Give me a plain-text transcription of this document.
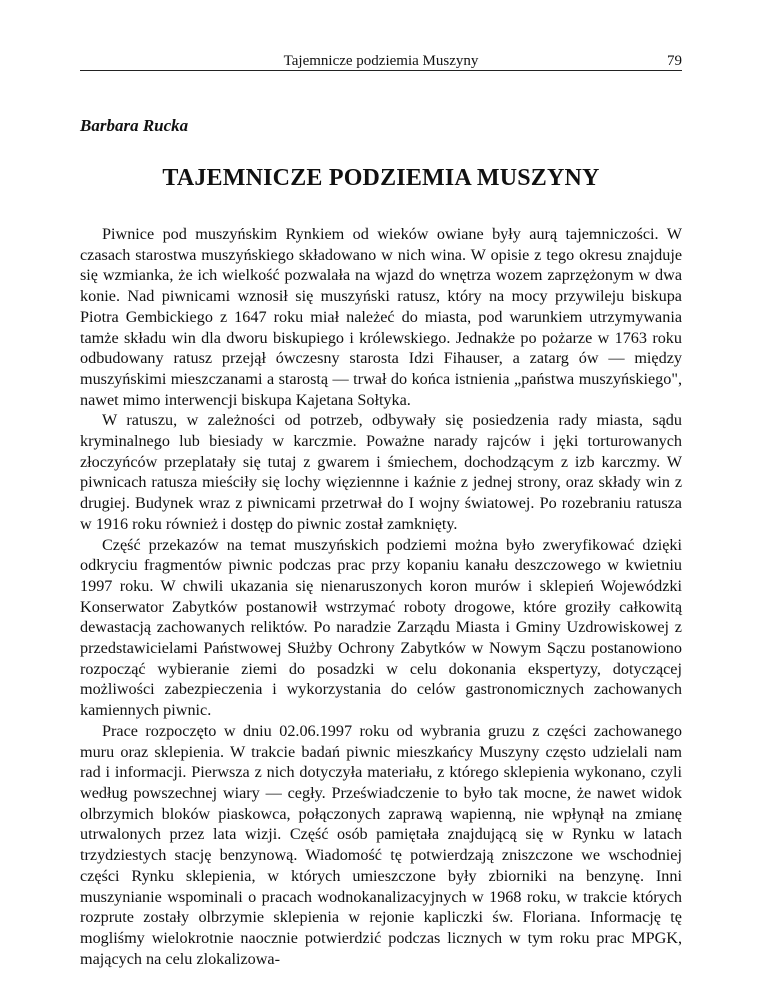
Tajemnicze podziemia Muszyny	79
Barbara Rucka
TAJEMNICZE PODZIEMIA MUSZYNY

Piwnice pod muszyńskim Rynkiem od wieków owiane były aurą tajemniczości. W czasach starostwa muszyńskiego składowano w nich wina. W opisie z tego okresu znajduje się wzmianka, że ich wielkość pozwalała na wjazd do wnętrza wozem zaprzężonym w dwa konie. Nad piwnicami wznosił się muszyński ratusz, który na mocy przywileju biskupa Piotra Gembickiego z 1647 roku miał należeć do miasta, pod warunkiem utrzymywania tamże składu win dla dworu biskupiego i królewskiego. Jednakże po pożarze w 1763 roku odbudowany ratusz przejął ówczesny starosta Idzi Fihauser, a zatarg ów — między muszyńskimi mieszczanami a starostą — trwał do końca istnienia „państwa muszyńskiego", nawet mimo interwencji biskupa Kajetana Sołtyka.

W ratuszu, w zależności od potrzeb, odbywały się posiedzenia rady miasta, sądu kryminalnego lub biesiady w karczmie. Poważne narady rajców i jęki torturowanych złoczyńców przeplatały się tutaj z gwarem i śmiechem, dochodzącym z izb karczmy. W piwnicach ratusza mieściły się lochy więziennne i kaźnie z jednej strony, oraz składy win z drugiej. Budynek wraz z piwnicami przetrwał do I wojny światowej. Po rozebraniu ratusza w 1916 roku również i dostęp do piwnic został zamknięty.

Część przekazów na temat muszyńskich podziemi można było zweryfikować dzięki odkryciu fragmentów piwnic podczas prac przy kopaniu kanału deszczowego w kwietniu 1997 roku. W chwili ukazania się nienaruszonych koron murów i sklepień Wojewódzki Konserwator Zabytków postanowił wstrzymać roboty drogowe, które groziły całkowitą dewastacją zachowanych reliktów. Po naradzie Zarządu Miasta i Gminy Uzdrowiskowej z przedstawicielami Państwowej Służby Ochrony Zabytków w Nowym Sączu postanowiono rozpocząć wybieranie ziemi do posadzki w celu dokonania ekspertyzy, dotyczącej możliwości zabezpieczenia i wykorzystania do celów gastronomicznych zachowanych kamiennych piwnic.

Prace rozpoczęto w dniu 02.06.1997 roku od wybrania gruzu z części zachowanego muru oraz sklepienia. W trakcie badań piwnic mieszkańcy Muszyny często udzielali nam rad i informacji. Pierwsza z nich dotyczyła materiału, z którego sklepienia wykonano, czyli według powszechnej wiary — cegły. Przeświadczenie to było tak mocne, że nawet widok olbrzymich bloków piaskowca, połączonych zaprawą wapienną, nie wpłynął na zmianę utrwalonych przez lata wizji. Część osób pamiętała znajdującą się w Rynku w latach trzydziestych stację benzynową. Wiadomość tę potwierdzają zniszczone we wschodniej części Rynku sklepienia, w których umieszczone były zbiorniki na benzynę. Inni muszynianie wspominali o pracach wodnokanalizacyjnych w 1968 roku, w trakcie których rozprute zostały olbrzymie sklepienia w rejonie kapliczki św. Floriana. Informację tę mogliśmy wielokrotnie naocznie potwierdzić podczas licznych w tym roku prac MPGK, mających na celu zlokalizowa-
